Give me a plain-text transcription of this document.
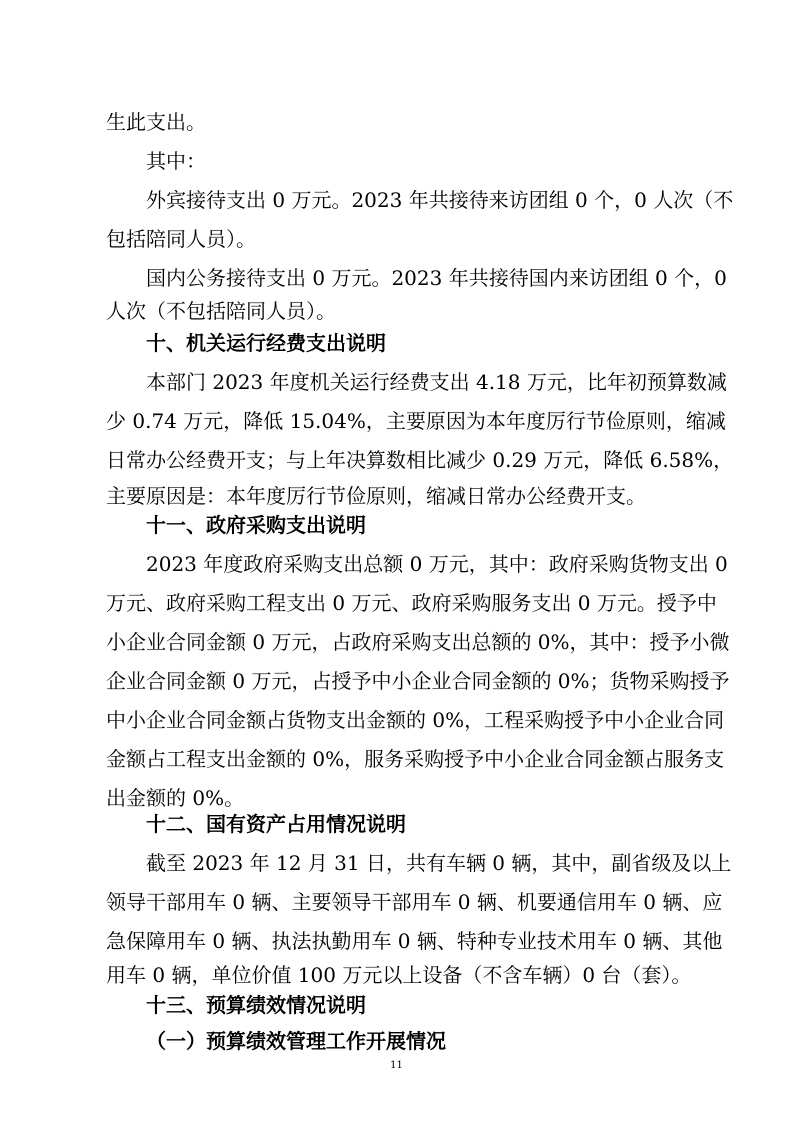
生此支出。
其中：
外宾接待支出 0 万元。2023 年共接待来访团组 0 个，0 人次（不
包括陪同人员）。
国内公务接待支出 0 万元。2023 年共接待国内来访团组 0 个，0
人次（不包括陪同人员）。
十、机关运行经费支出说明
本部门 2023 年度机关运行经费支出 4.18 万元，比年初预算数减
少 0.74 万元，降低 15.04%，主要原因为本年度厉行节俭原则，缩减
日常办公经费开支；与上年决算数相比减少 0.29 万元，降低 6.58%，
主要原因是：本年度厉行节俭原则，缩减日常办公经费开支。
十一、政府采购支出说明
2023 年度政府采购支出总额 0 万元，其中：政府采购货物支出 0
万元、政府采购工程支出 0 万元、政府采购服务支出 0 万元。授予中
小企业合同金额 0 万元，占政府采购支出总额的 0%，其中：授予小微
企业合同金额 0 万元，占授予中小企业合同金额的 0%；货物采购授予
中小企业合同金额占货物支出金额的 0%，工程采购授予中小企业合同
金额占工程支出金额的 0%，服务采购授予中小企业合同金额占服务支
出金额的 0%。
十二、国有资产占用情况说明
截至 2023 年 12 月 31 日，共有车辆 0 辆，其中，副省级及以上
领导干部用车 0 辆、主要领导干部用车 0 辆、机要通信用车 0 辆、应
急保障用车 0 辆、执法执勤用车 0 辆、特种专业技术用车 0 辆、其他
用车 0 辆，单位价值 100 万元以上设备（不含车辆）0 台（套）。
十三、预算绩效情况说明
（一）预算绩效管理工作开展情况
11
